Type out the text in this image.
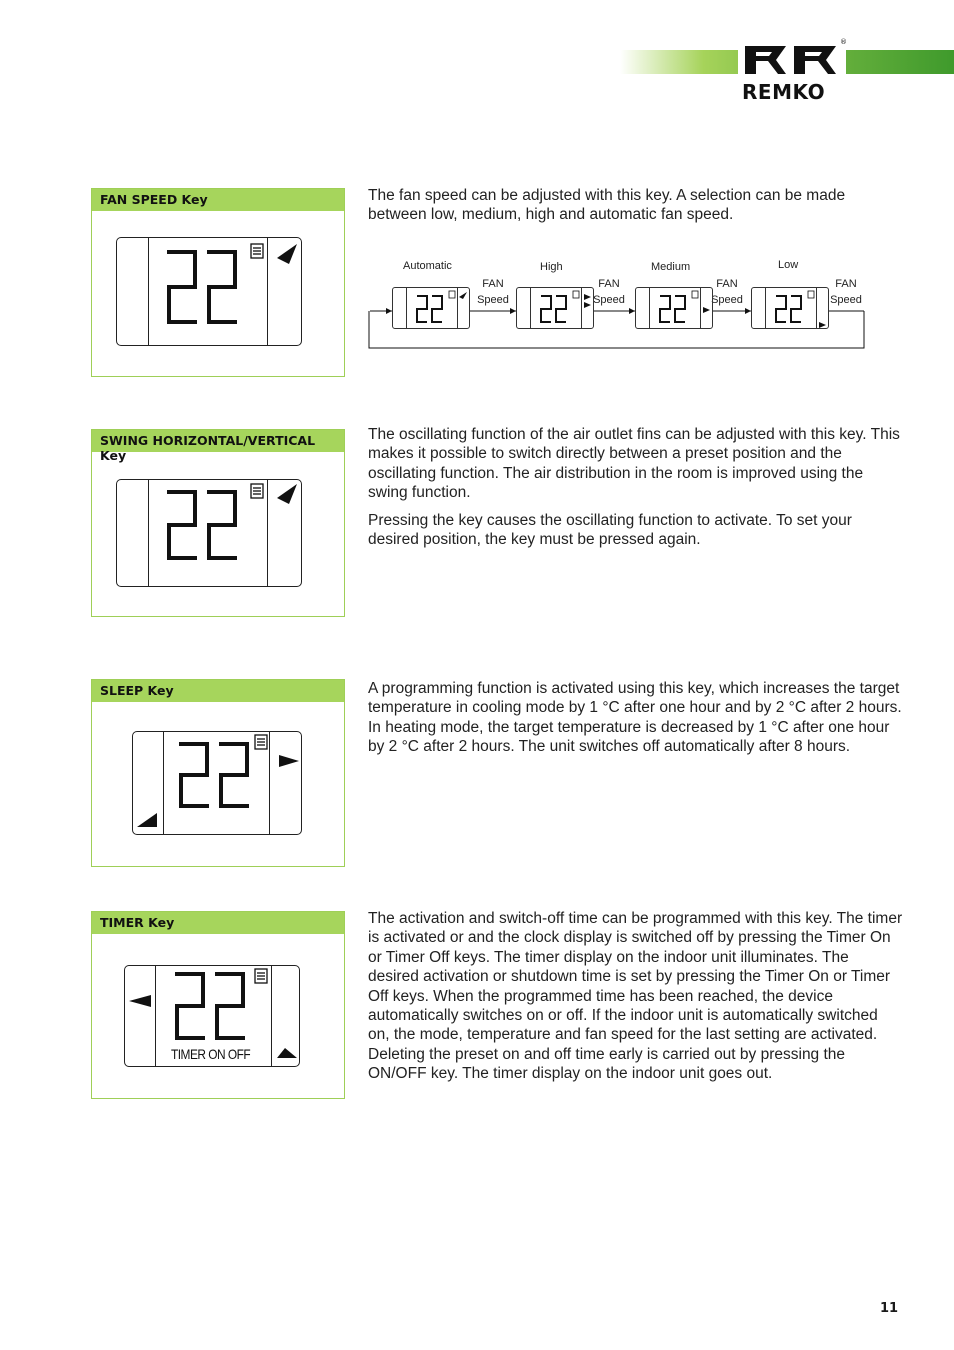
®
REMKO
FAN SPEED Key	The fan speed can be adjusted with this key. A selection can be made between low, medium, high and automatic fan speed.

Automatic	High	Medium	Low
FAN
Speed
FAN
Speed
FAN
Speed
FAN
Speed
SWING HORIZONTAL/VERTICAL Key

The oscillating function of the air outlet fins can be adjusted with this key. This makes it possible to switch directly between a preset position and the oscillating function. The air distribution in the room is improved using the swing function.

Pressing the key causes the oscillating function to activate. To set your desired position, the key must be pressed again.

SLEEP Key	A programming function is activated using this key, which increases the target temperature in cooling mode by 1 °C after one hour and by 2 °C after 2 hours. In heating mode, the target temperature is decreased by 1 °C after one hour by 2 °C after 2 hours. The unit switches off automatically after 8 hours.

TIMER Key
TIMER ON OFF

The activation and switch-off time can be programmed with this key. The timer is activated or and the clock display is switched off by pressing the Timer On or Timer Off keys. The timer display on the indoor unit illuminates. The desired activation or shutdown time is set by pressing the Timer On or Timer Off keys. When the programmed time has been reached, the device automatically switches on or off. If the indoor unit is automatically switched on, the mode, temperature and fan speed for the last setting are activated. Deleting the preset on and off time early is carried out by pressing the ON/OFF key. The timer display on the indoor unit goes out.

11
